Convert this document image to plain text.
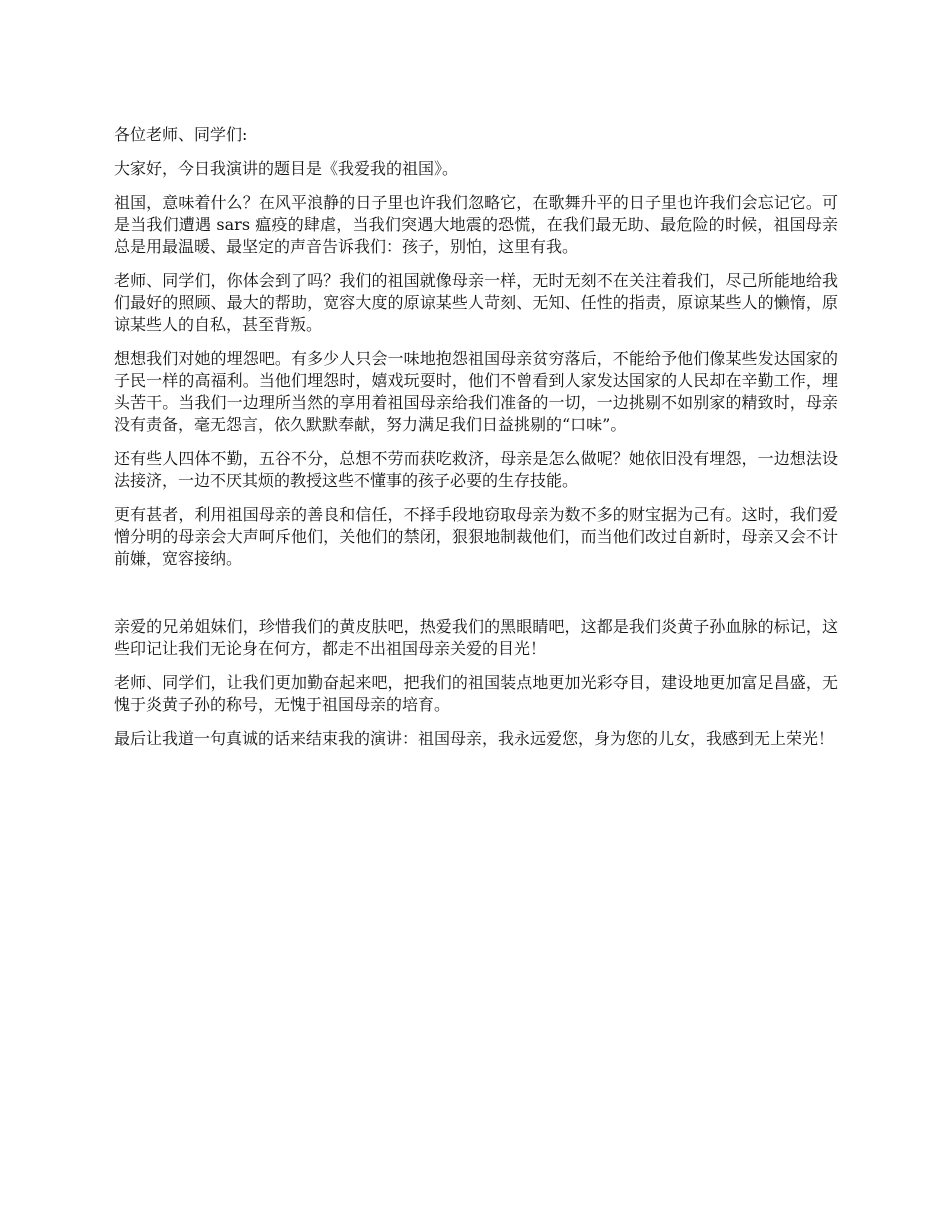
各位老师、同学们:

大家好，今日我演讲的题目是《我爱我的祖国》。

祖国，意味着什么？在风平浪静的日子里也许我们忽略它，在歌舞升平的日子里也许我们会忘记它。可是当我们遭遇 sars 瘟疫的肆虐，当我们突遇大地震的恐慌，在我们最无助、最危险的时候，祖国母亲总是用最温暖、最坚定的声音告诉我们：孩子，别怕，这里有我。

老师、同学们，你体会到了吗？我们的祖国就像母亲一样，无时无刻不在关注着我们，尽己所能地给我们最好的照顾、最大的帮助，宽容大度的原谅某些人苛刻、无知、任性的指责，原谅某些人的懒惰，原谅某些人的自私，甚至背叛。

想想我们对她的埋怨吧。有多少人只会一味地抱怨祖国母亲贫穷落后，不能给予他们像某些发达国家的子民一样的高福利。当他们埋怨时，嬉戏玩耍时，他们不曾看到人家发达国家的人民却在辛勤工作，埋头苦干。当我们一边理所当然的享用着祖国母亲给我们准备的一切，一边挑剔不如别家的精致时，母亲没有责备，毫无怨言，依久默默奉献，努力满足我们日益挑剔的“口味”。

还有些人四体不勤，五谷不分，总想不劳而获吃救济，母亲是怎么做呢？她依旧没有埋怨，一边想法设法接济，一边不厌其烦的教授这些不懂事的孩子必要的生存技能。

更有甚者，利用祖国母亲的善良和信任，不择手段地窃取母亲为数不多的财宝据为己有。这时，我们爱憎分明的母亲会大声呵斥他们，关他们的禁闭，狠狠地制裁他们，而当他们改过自新时，母亲又会不计前嫌，宽容接纳。

亲爱的兄弟姐妹们，珍惜我们的黄皮肤吧，热爱我们的黑眼睛吧，这都是我们炎黄子孙血脉的标记，这些印记让我们无论身在何方，都走不出祖国母亲关爱的目光！

老师、同学们，让我们更加勤奋起来吧，把我们的祖国装点地更加光彩夺目，建设地更加富足昌盛，无愧于炎黄子孙的称号，无愧于祖国母亲的培育。

最后让我道一句真诚的话来结束我的演讲：祖国母亲，我永远爱您，身为您的儿女，我感到无上荣光！
